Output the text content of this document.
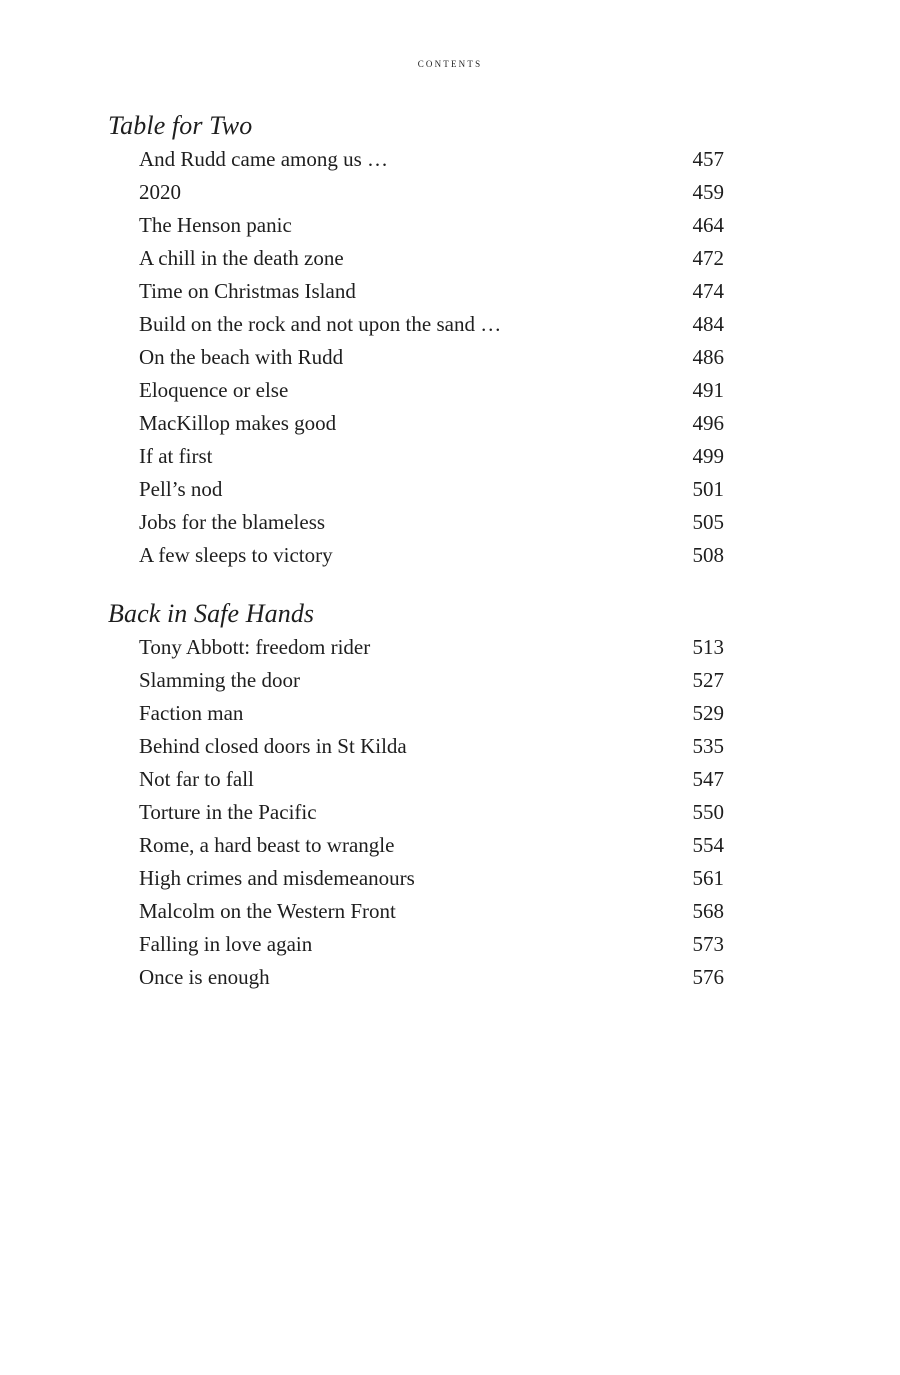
contents
Table for Two
And Rudd came among us …	457
2020	459
The Henson panic	464
A chill in the death zone	472
Time on Christmas Island	474
Build on the rock and not upon the sand …	484
On the beach with Rudd	486
Eloquence or else	491
MacKillop makes good	496
If at first	499
Pell’s nod	501
Jobs for the blameless	505
A few sleeps to victory	508
Back in Safe Hands
Tony Abbott: freedom rider	513
Slamming the door	527
Faction man	529
Behind closed doors in St Kilda	535
Not far to fall	547
Torture in the Pacific	550
Rome, a hard beast to wrangle	554
High crimes and misdemeanours	561
Malcolm on the Western Front	568
Falling in love again	573
Once is enough	576
